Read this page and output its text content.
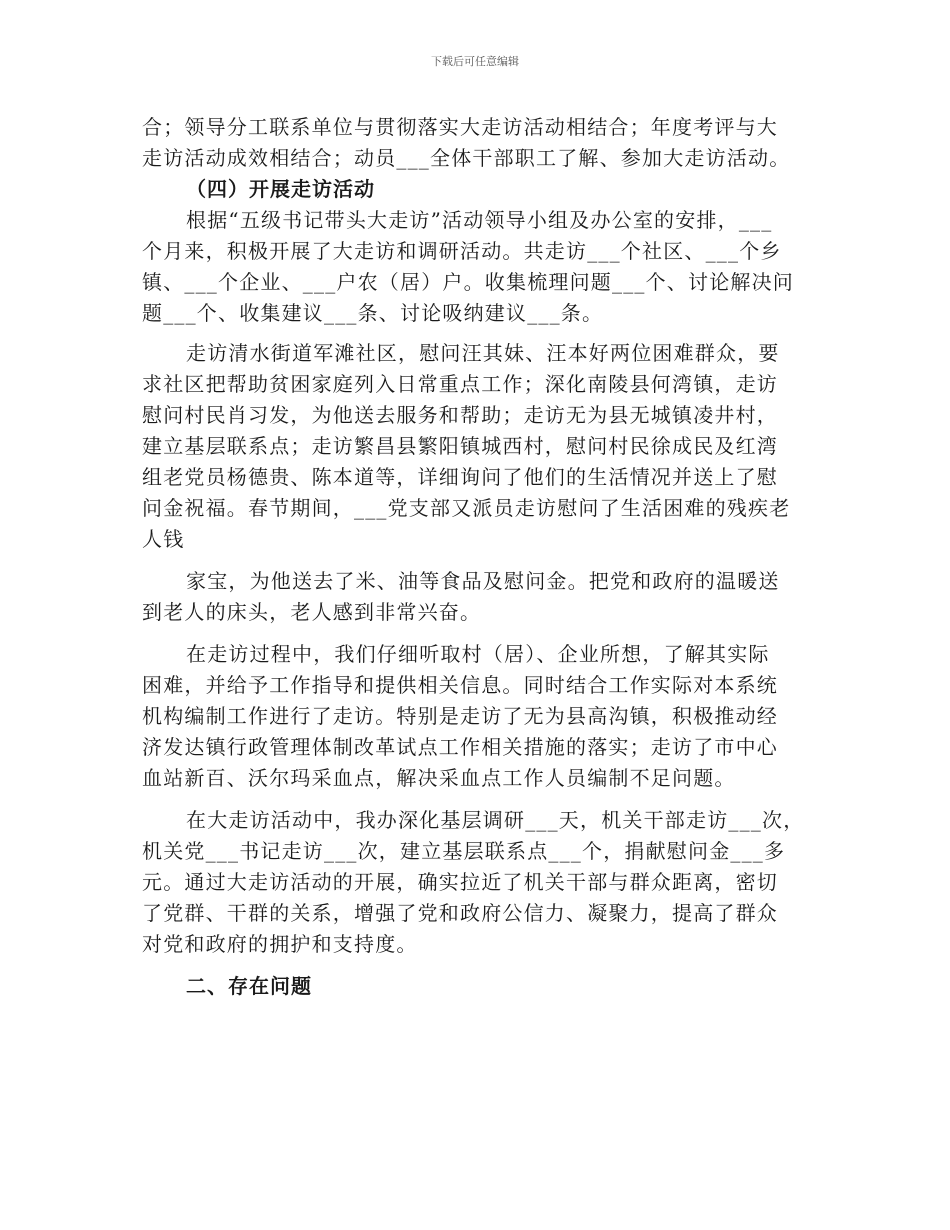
下载后可任意编辑
合；领导分工联系单位与贯彻落实大走访活动相结合；年度考评与大
走访活动成效相结合；动员___全体干部职工了解、参加大走访活动。
（四）开展走访活动
根据“五级书记带头大走访”活动领导小组及办公室的安排，___
个月来，积极开展了大走访和调研活动。共走访___个社区、___个乡
镇、___个企业、___户农（居）户。收集梳理问题___个、讨论解决问
题___个、收集建议___条、讨论吸纳建议___条。
走访清水街道军滩社区，慰问汪其妹、汪本好两位困难群众，要
求社区把帮助贫困家庭列入日常重点工作；深化南陵县何湾镇，走访
慰问村民肖习发，为他送去服务和帮助；走访无为县无城镇凌井村，
建立基层联系点；走访繁昌县繁阳镇城西村，慰问村民徐成民及红湾
组老党员杨德贵、陈本道等，详细询问了他们的生活情况并送上了慰
问金祝福。春节期间，___党支部又派员走访慰问了生活困难的残疾老
人钱
家宝，为他送去了米、油等食品及慰问金。把党和政府的温暖送
到老人的床头，老人感到非常兴奋。
在走访过程中，我们仔细听取村（居）、企业所想，了解其实际
困难，并给予工作指导和提供相关信息。同时结合工作实际对本系统
机构编制工作进行了走访。特别是走访了无为县高沟镇，积极推动经
济发达镇行政管理体制改革试点工作相关措施的落实；走访了市中心
血站新百、沃尔玛采血点，解决采血点工作人员编制不足问题。
在大走访活动中，我办深化基层调研___天，机关干部走访___次，
机关党___书记走访___次，建立基层联系点___个，捐献慰问金___多
元。通过大走访活动的开展，确实拉近了机关干部与群众距离，密切
了党群、干群的关系，增强了党和政府公信力、凝聚力，提高了群众
对党和政府的拥护和支持度。
二、存在问题
